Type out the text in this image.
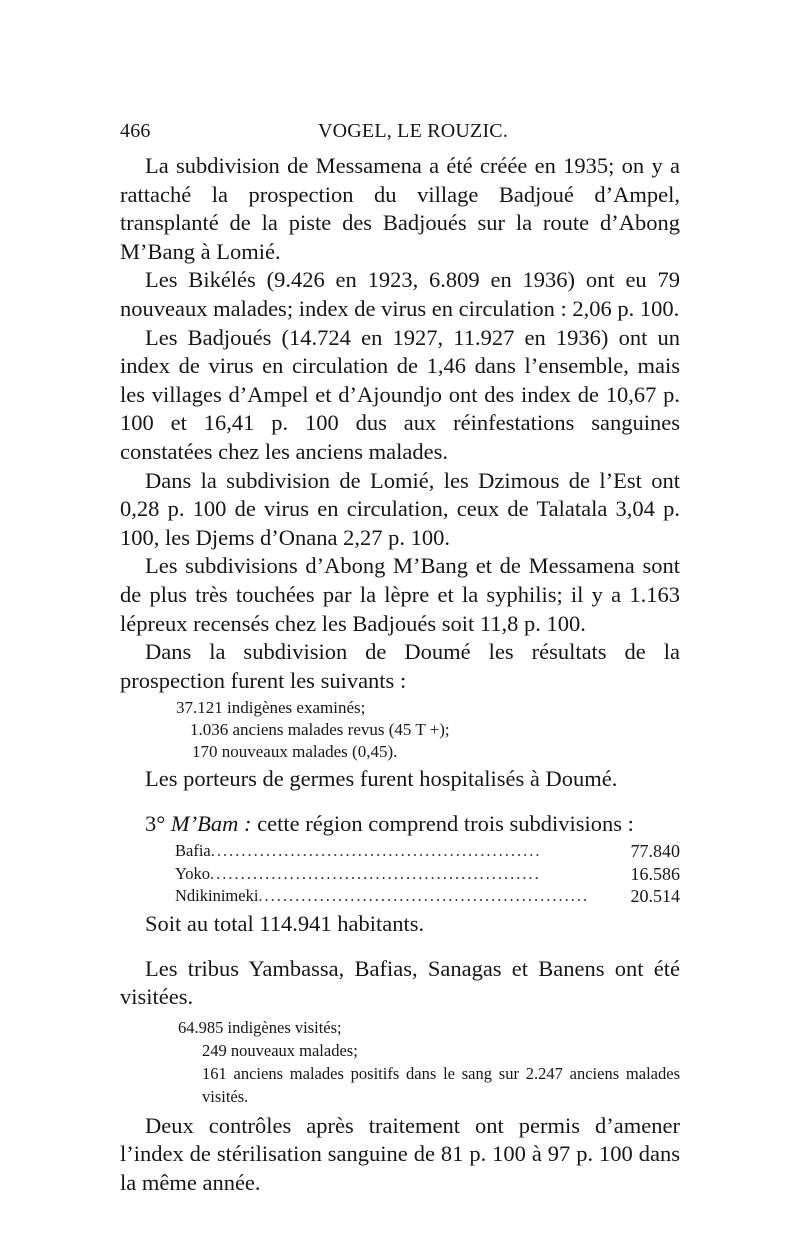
466	VOGEL, LE ROUZIC.

La subdivision de Messamena a été créée en 1935; on y a rattaché la prospection du village Badjoué d’Ampel, transplanté de la piste des Badjoués sur la route d’Abong M’Bang à Lomié.

Les Bikélés (9.426 en 1923, 6.809 en 1936) ont eu 79 nouveaux malades; index de virus en circulation : 2,06 p. 100.

Les Badjoués (14.724 en 1927, 11.927 en 1936) ont un index de virus en circulation de 1,46 dans l’ensemble, mais les villages d’Ampel et d’Ajoundjo ont des index de 10,67 p. 100 et 16,41 p. 100 dus aux réinfestations sanguines constatées chez les anciens malades.

Dans la subdivision de Lomié, les Dzimous de l’Est ont 0,28 p. 100 de virus en circulation, ceux de Talatala 3,04 p. 100, les Djems d’Onana 2,27 p. 100.

Les subdivisions d’Abong M’Bang et de Messamena sont de plus très touchées par la lèpre et la syphilis; il y a 1.163 lépreux recensés chez les Badjoués soit 11,8 p. 100.

Dans la subdivision de Doumé les résultats de la prospection furent les suivants :

37.121 indigènes examinés;
1.036 anciens malades revus (45 T +);
170 nouveaux malades (0,45).

Les porteurs de germes furent hospitalisés à Doumé.

3° M’Bam : cette région comprend trois subdivisions :

Bafia ......................................................	77.840
Yoko ......................................................	16.586
Ndikinimeki ......................................................	20.514

Soit au total 114.941 habitants.

Les tribus Yambassa, Bafias, Sanagas et Banens ont été visitées.

64.985 indigènes visités;
249 nouveaux malades;
161 anciens malades positifs dans le sang sur 2.247 anciens malades visités.

Deux contrôles après traitement ont permis d’amener l’index de stérilisation sanguine de 81 p. 100 à 97 p. 100 dans la même année.
